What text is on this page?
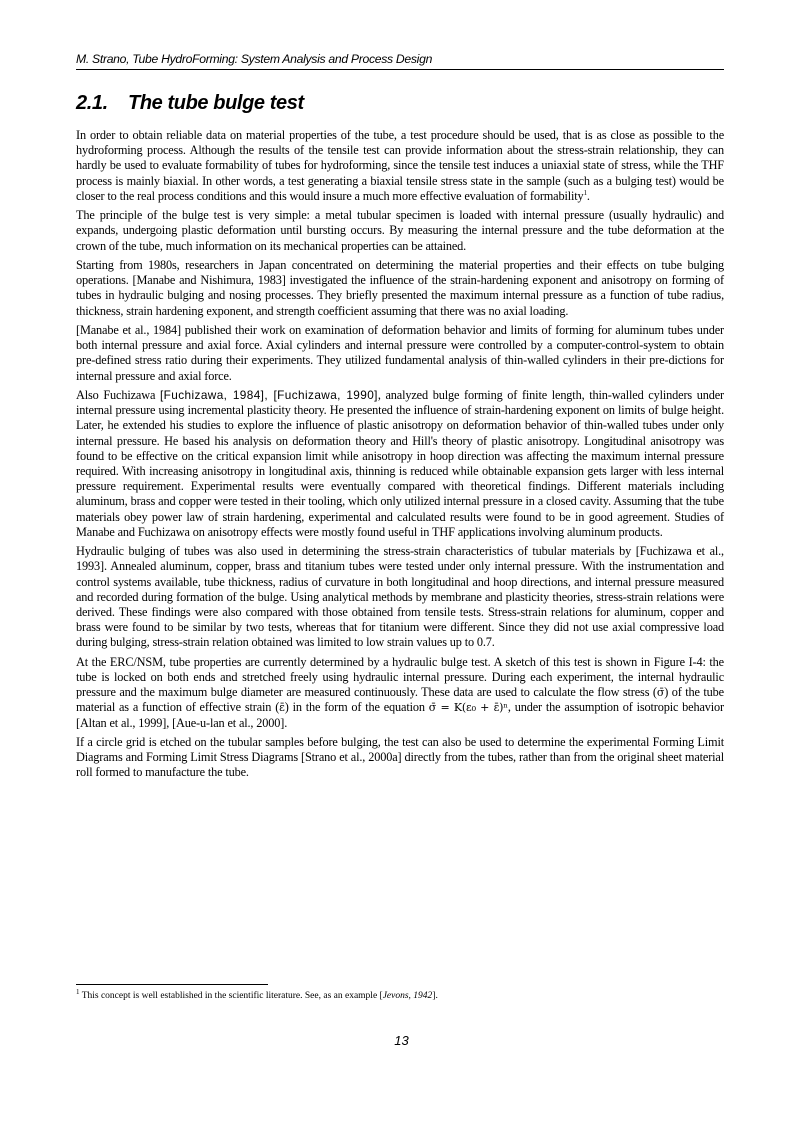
M. Strano, Tube HydroForming: System Analysis and Process Design
2.1. The tube bulge test

In order to obtain reliable data on material properties of the tube, a test procedure should be used, that is as close as possible to the hydroforming process. Although the results of the tensile test can provide information about the stress-strain relationship, they can hardly be used to evaluate formability of tubes for hydroforming, since the tensile test induces a uniaxial state of stress, while the THF process is mainly biaxial. In other words, a test generating a biaxial tensile stress state in the sample (such as a bulging test) would be closer to the real process conditions and this would insure a much more effective evaluation of formability$^1$.

The principle of the bulge test is very simple: a metal tubular specimen is loaded with internal pressure (usually hydraulic) and expands, undergoing plastic deformation until bursting occurs. By measuring the internal pressure and the tube deformation at the crown of the tube, much information on its mechanical properties can be attained.

Starting from 1980s, researchers in Japan concentrated on determining the material properties and their effects on tube bulging operations. [Manabe and Nishimura, 1983] investigated the influence of the strain-hardening exponent and anisotropy on forming of tubes in hydraulic bulging and nosing processes. They briefly presented the maximum internal pressure as a function of tube radius, thickness, strain hardening exponent, and strength coefficient assuming that there was no axial loading.

[Manabe et al., 1984] published their work on examination of deformation behavior and limits of forming for aluminum tubes under both internal pressure and axial force. Axial cylinders and internal pressure were controlled by a computer-control-system to obtain pre-defined stress ratio during their experiments. They utilized fundamental analysis of thin-walled cylinders in their pre-dictions for internal pressure and axial force.

Also Fuchizawa [Fuchizawa, 1984], [Fuchizawa, 1990], analyzed bulge forming of finite length, thin-walled cylinders under internal pressure using incremental plasticity theory. He presented the influence of strain-hardening exponent on limits of bulge height. Later, he extended his studies to explore the influence of plastic anisotropy on deformation behavior of thin-walled tubes under only internal pressure. He based his analysis on deformation theory and Hill's theory of plastic anisotropy. Longitudinal anisotropy was found to be effective on the critical expansion limit while anisotropy in hoop direction was affecting the maximum internal pressure required. With increasing anisotropy in longitudinal axis, thinning is reduced while obtainable expansion gets larger with less internal pressure requirement. Experimental results were eventually compared with theoretical findings. Different materials including aluminum, brass and copper were tested in their tooling, which only utilized internal pressure in a closed cavity. Assuming that the tube materials obey power law of strain hardening, experimental and calculated results were found to be in good agreement. Studies of Manabe and Fuchizawa on anisotropy effects were mostly found useful in THF applications involving aluminum products.

Hydraulic bulging of tubes was also used in determining the stress-strain characteristics of tubular materials by [Fuchizawa et al., 1993]. Annealed aluminum, copper, brass and titanium tubes were tested under only internal pressure. With the instrumentation and control systems available, tube thickness, radius of curvature in both longitudinal and hoop directions, and internal pressure measured and recorded during formation of the bulge. Using analytical methods by membrane and plasticity theories, stress-strain relations were derived. These findings were also compared with those obtained from tensile tests. Stress-strain relations for aluminum, copper and brass were found to be similar by two tests, whereas that for titanium were different. Since they did not use axial compressive load during bulging, stress-strain relation obtained was limited to low strain values up to 0.7.

At the ERC/NSM, tube properties are currently determined by a hydraulic bulge test. A sketch of this test is shown in Figure I-4: the tube is locked on both ends and stretched freely using hydraulic internal pressure. During each experiment, the internal hydraulic pressure and the maximum bulge diameter are measured continuously. These data are used to calculate the flow stress (σ̄) of the tube material as a function of effective strain (ε̄) in the form of the equation σ̄ = K(ε₀ + ε̄)ⁿ, under the assumption of isotropic behavior [Altan et al., 1999], [Aue-u-lan et al., 2000].

If a circle grid is etched on the tubular samples before bulging, the test can also be used to determine the experimental Forming Limit Diagrams and Forming Limit Stress Diagrams [Strano et al., 2000a] directly from the tubes, rather than from the original sheet material roll formed to manufacture the tube.

$^1$ This concept is well established in the scientific literature. See, as an example [Jevons, 1942].
13
